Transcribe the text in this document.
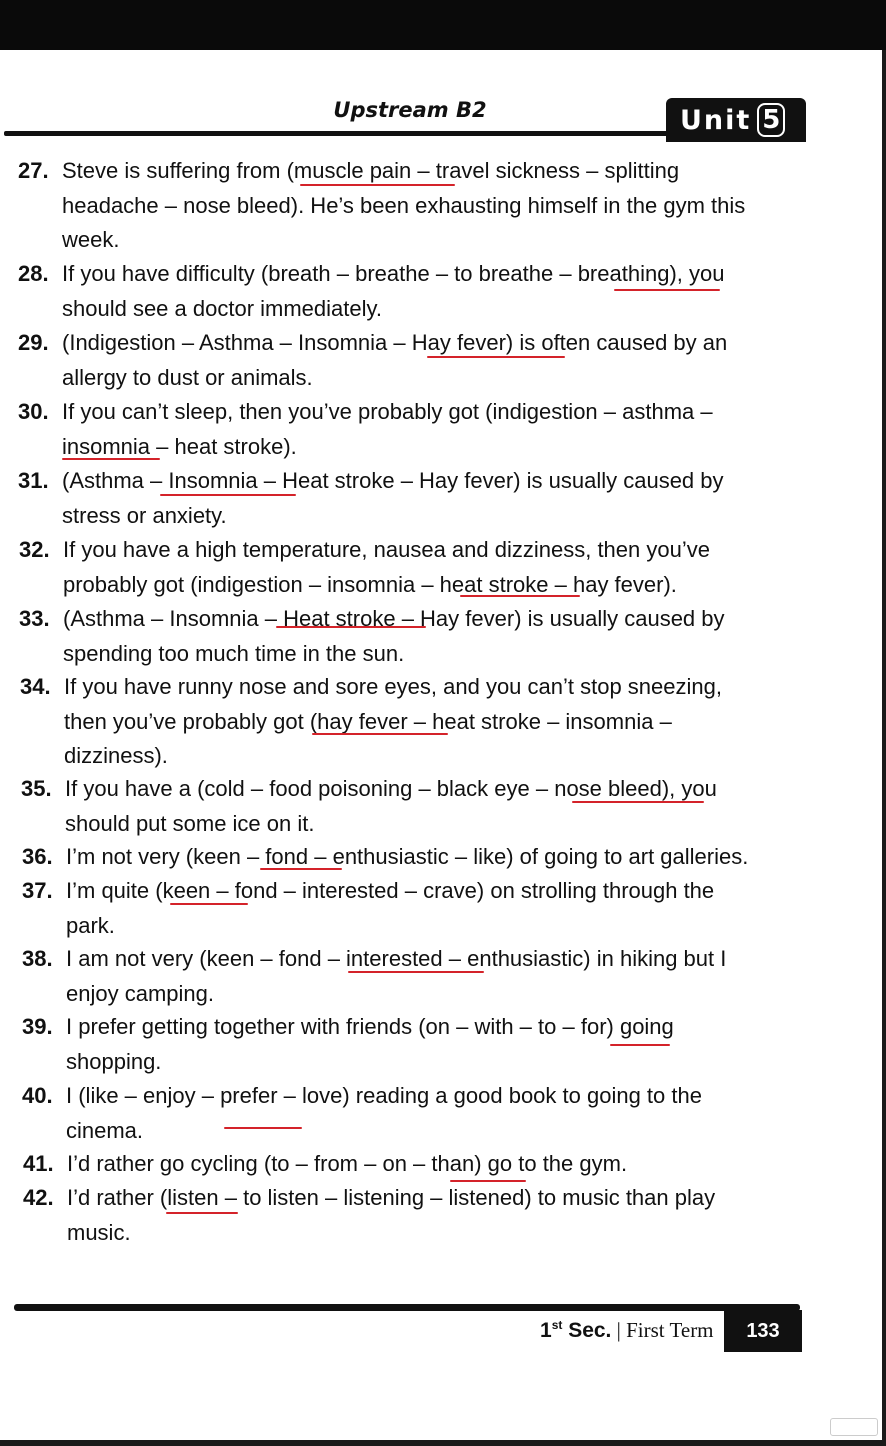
Upstream B2	Unit 5
27. Steve is suffering from (muscle pain – travel sickness – splitting
headache – nose bleed). He’s been exhausting himself in the gym this
week.
28. If you have difficulty (breath – breathe – to breathe – breathing), you
should see a doctor immediately.
29. (Indigestion – Asthma – Insomnia – Hay fever) is often caused by an
allergy to dust or animals.
30. If you can’t sleep, then you’ve probably got (indigestion – asthma –
insomnia – heat stroke).
31. (Asthma – Insomnia – Heat stroke – Hay fever) is usually caused by
stress or anxiety.
32. If you have a high temperature, nausea and dizziness, then you’ve
probably got (indigestion – insomnia – heat stroke – hay fever).
33. (Asthma – Insomnia – Heat stroke – Hay fever) is usually caused by
spending too much time in the sun.
34. If you have runny nose and sore eyes, and you can’t stop sneezing,
then you’ve probably got (hay fever – heat stroke – insomnia –
dizziness).
35. If you have a (cold – food poisoning – black eye – nose bleed), you
should put some ice on it.
36. I’m not very (keen – fond – enthusiastic – like) of going to art galleries.
37. I’m quite (keen – fond – interested – crave) on strolling through the
park.
38. I am not very (keen – fond – interested – enthusiastic) in hiking but I
enjoy camping.
39. I prefer getting together with friends (on – with – to – for) going
shopping.
40. I (like – enjoy – prefer – love) reading a good book to going to the
cinema.
41. I’d rather go cycling (to – from – on – than) go to the gym.
42. I’d rather (listen – to listen – listening – listened) to music than play
music.
1st Sec. | First Term	133
